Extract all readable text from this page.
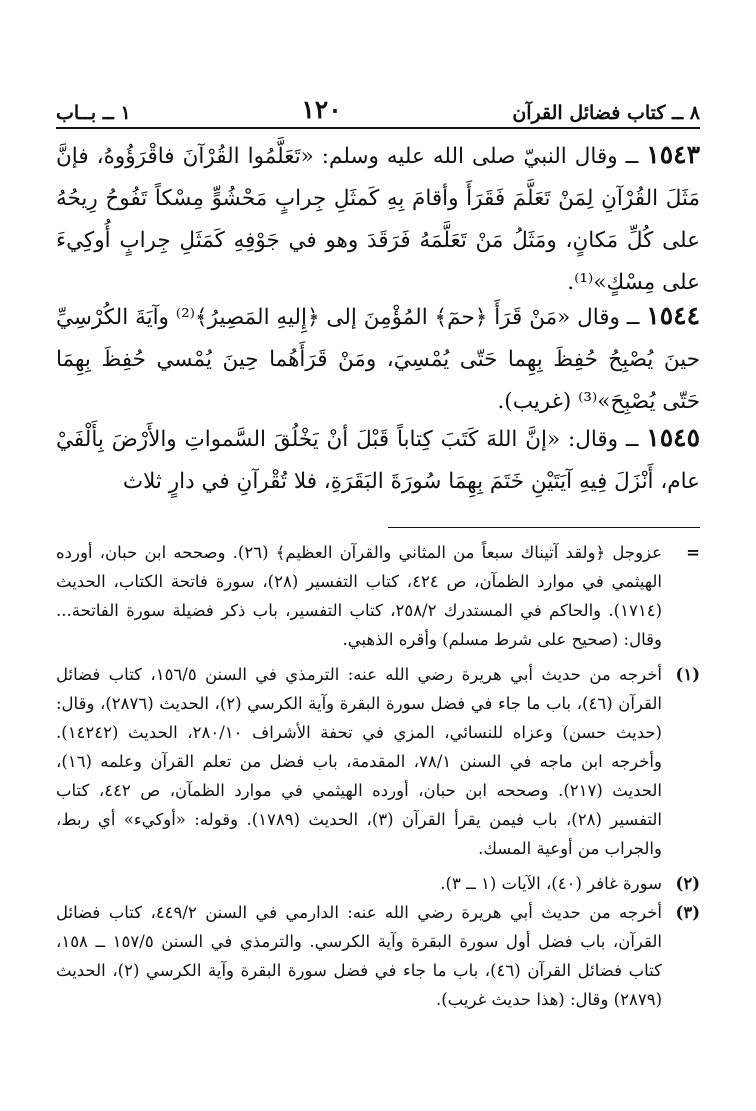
٨ ــ كتاب فضائل القرآن
١٢٠
١ ــ بــاب
١٥٤٣ ــ وقال النبيّ صلى الله عليه وسلم: «تَعَلَّمُوا القُرْآنَ فاقْرَؤُوهُ، فإنَّ مَثَلَ القُرْآنِ لِمَنْ تَعَلَّمَ فَقَرَأَ وأقامَ بِهِ كَمثَلِ جِرابٍ مَحْشُوٍّ مِسْكاً تَفُوحُ رِيحُهُ على كُلِّ مَكانٍ، ومَثَلُ مَنْ تَعَلَّمَهُ فَرَقَدَ وهو في جَوْفِهِ كَمَثَلِ جِرابٍ أُوكِيءَ على مِسْكٍ»⁽¹⁾.
١٥٤٤ ــ وقال «مَنْ قَرَأَ ﴿حمٓ﴾ المُؤْمِنَ إلى ﴿إِليهِ المَصِيرُ﴾⁽²⁾ وآيَةَ الكُرْسِيِّ حينَ يُصْبِحُ حُفِظَ بِهِما حَتّى يُمْسِيَ، ومَنْ قَرَأَهُما حِينَ يُمْسي حُفِظَ بِهِمَا حَتّى يُصْبِحَ»⁽³⁾ (غريب).
١٥٤٥ ــ وقال: «إنَّ اللهَ كَتَبَ كِتاباً قَبْلَ أنْ يَخْلُقَ السَّمواتِ والأَرْضَ بِأَلْفَيْ عام، أَنْزَلَ فِيهِ آيَتَيْنِ خَتَمَ بِهِمَا سُورَةَ البَقَرَةِ، فلا تُقْرآنِ في دارٍ ثلاث
=
عزوجل ﴿ولقد آتيناك سبعاً من المثاني والقرآن العظيم﴾ (٢٦). وصححه ابن حبان، أورده الهيثمي في موارد الظمآن، ص ٤٢٤، كتاب التفسير (٢٨)، سورة فاتحة الكتاب، الحديث (١٧١٤). والحاكم في المستدرك ٢٥٨/٢، كتاب التفسير، باب ذكر فضيلة سورة الفاتحة... وقال: (صحيح على شرط مسلم) وأقره الذهبي.
(١)
أخرجه من حديث أبي هريرة رضي الله عنه: الترمذي في السنن ١٥٦/٥، كتاب فضائل القرآن (٤٦)، باب ما جاء في فضل سورة البقرة وآية الكرسي (٢)، الحديث (٢٨٧٦)، وقال: (حديث حسن) وعزاه للنسائي، المزي في تحفة الأشراف ٢٨٠/١٠، الحديث (١٤٢٤٢). وأخرجه ابن ماجه في السنن ٧٨/١، المقدمة، باب فضل من تعلم القرآن وعلمه (١٦)، الحديث (٢١٧). وصححه ابن حبان، أورده الهيثمي في موارد الظمآن، ص ٤٤٢، كتاب التفسير (٢٨)، باب فيمن يقرأ القرآن (٣)، الحديث (١٧٨٩). وقوله: «أوكيء» أي ربط، والجراب من أوعية المسك.
(٢)
سورة غافر (٤٠)، الآيات (١ ــ ٣).
(٣)
أخرجه من حديث أبي هريرة رضي الله عنه: الدارمي في السنن ٤٤٩/٢، كتاب فضائل القرآن، باب فضل أول سورة البقرة وآية الكرسي. والترمذي في السنن ١٥٧/٥ ــ ١٥٨، كتاب فضائل القرآن (٤٦)، باب ما جاء في فضل سورة البقرة وآية الكرسي (٢)، الحديث (٢٨٧٩) وقال: (هذا حديث غريب).
